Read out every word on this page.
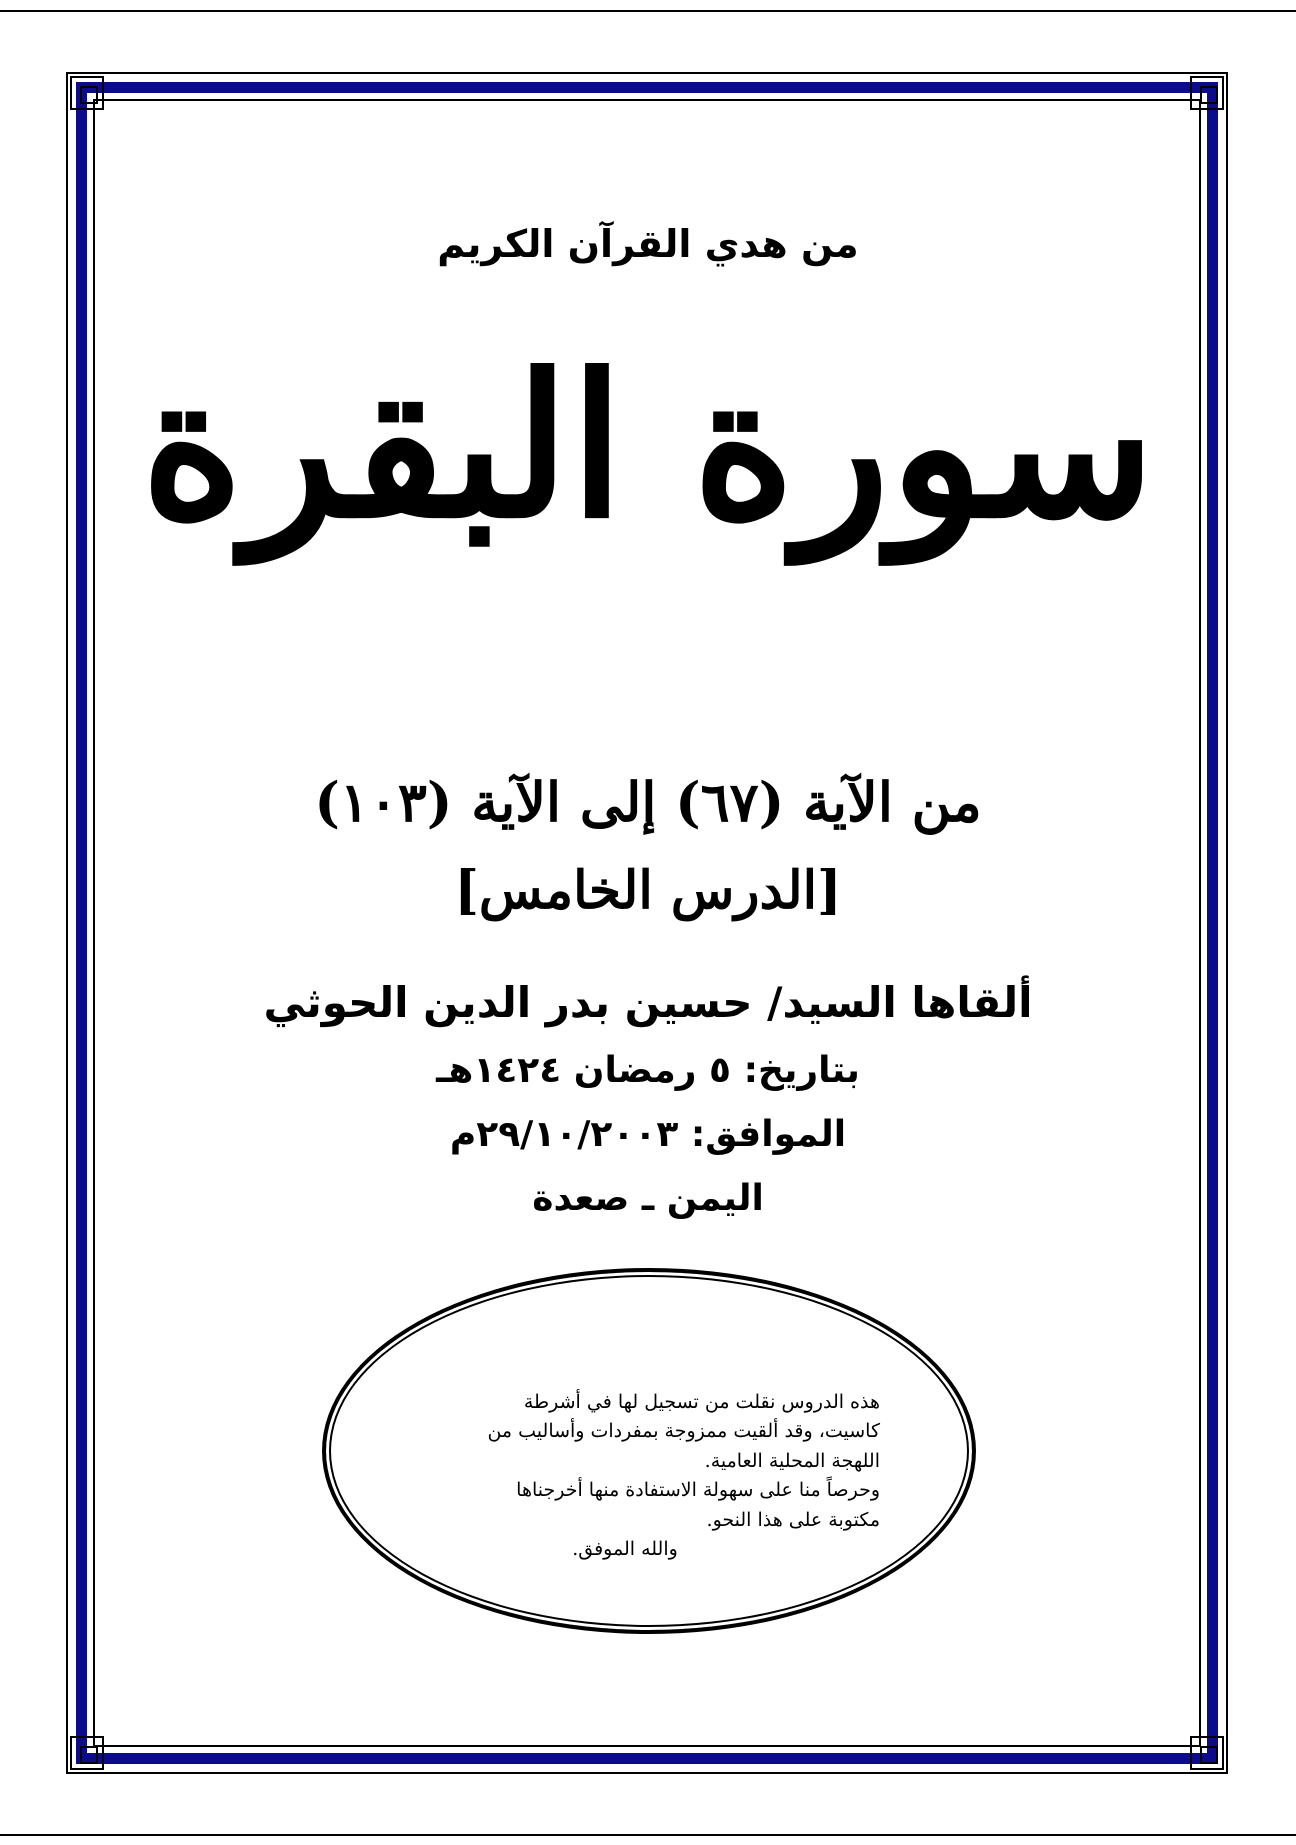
من هدي القرآن الكريم
سورة البقرة
من الآية (٦٧) إلى الآية (١٠٣)
[الدرس الخامس]
ألقاها السيد/ حسين بدر الدين الحوثي
بتاريخ: ٥ رمضان ١٤٢٤هـ
الموافق: ٢٩/١٠/٢٠٠٣م
اليمن ـ صعدة

هذه الدروس نقلت من تسجيل لها في أشرطة

كاسيت، وقد ألقيت ممزوجة بمفردات وأساليب من

اللهجة المحلية العامية.

وحرصاً منا على سهولة الاستفادة منها أخرجناها

مكتوبة على هذا النحو.

والله الموفق.
